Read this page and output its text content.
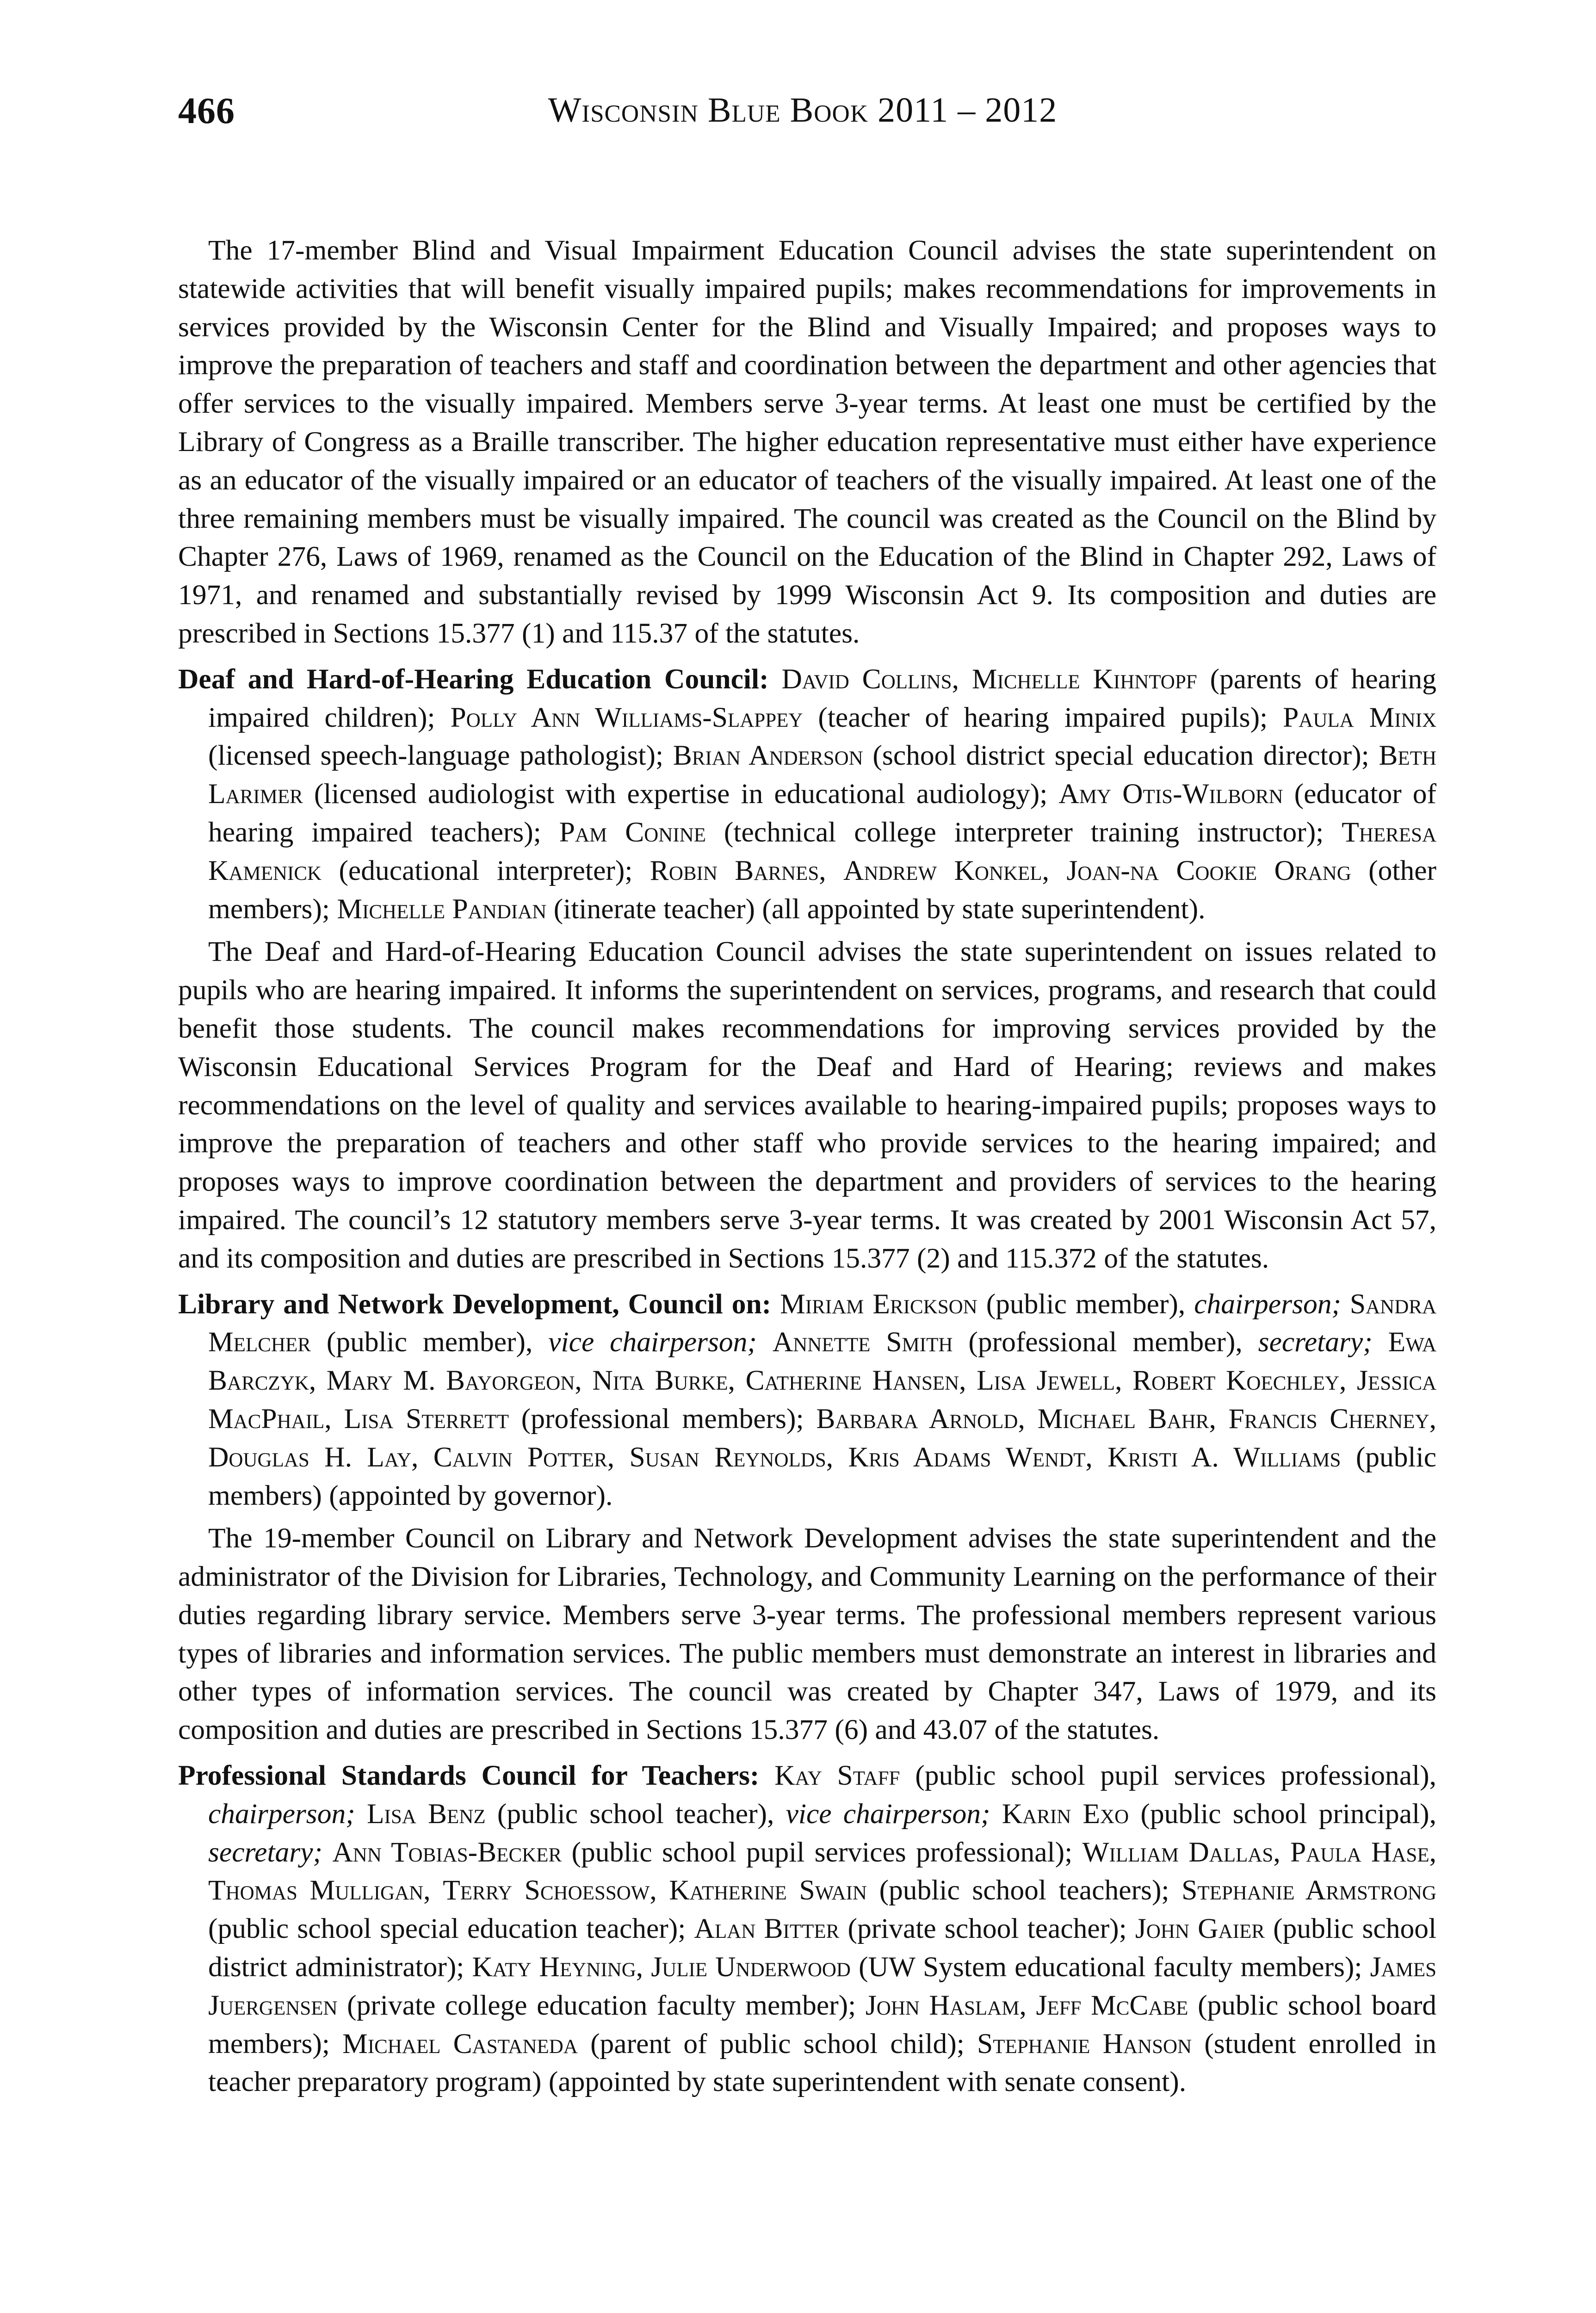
466	Wisconsin Blue Book 2011 – 2012

The 17-member Blind and Visual Impairment Education Council advises the state superintendent on statewide activities that will benefit visually impaired pupils; makes recommendations for improvements in services provided by the Wisconsin Center for the Blind and Visually Impaired; and proposes ways to improve the preparation of teachers and staff and coordination between the department and other agencies that offer services to the visually impaired. Members serve 3-year terms. At least one must be certified by the Library of Congress as a Braille transcriber. The higher education representative must either have experience as an educator of the visually impaired or an educator of teachers of the visually impaired. At least one of the three remaining members must be visually impaired. The council was created as the Council on the Blind by Chapter 276, Laws of 1969, renamed as the Council on the Education of the Blind in Chapter 292, Laws of 1971, and renamed and substantially revised by 1999 Wisconsin Act 9. Its composition and duties are prescribed in Sections 15.377 (1) and 115.37 of the statutes.

Deaf and Hard-of-Hearing Education Council: David Collins, Michelle Kihntopf (parents of hearing impaired children); Polly Ann Williams-Slappey (teacher of hearing impaired pupils); Paula Minix (licensed speech-language pathologist); Brian Anderson (school district special education director); Beth Larimer (licensed audiologist with expertise in educational audiology); Amy Otis-Wilborn (educator of hearing impaired teachers); Pam Conine (technical college interpreter training instructor); Theresa Kamenick (educational interpreter); Robin Barnes, Andrew Konkel, Joan-na Cookie Orang (other members); Michelle Pandian (itinerate teacher) (all appointed by state superintendent).

The Deaf and Hard-of-Hearing Education Council advises the state superintendent on issues related to pupils who are hearing impaired. It informs the superintendent on services, programs, and research that could benefit those students. The council makes recommendations for improving services provided by the Wisconsin Educational Services Program for the Deaf and Hard of Hearing; reviews and makes recommendations on the level of quality and services available to hearing-impaired pupils; proposes ways to improve the preparation of teachers and other staff who provide services to the hearing impaired; and proposes ways to improve coordination between the department and providers of services to the hearing impaired. The council’s 12 statutory members serve 3-year terms. It was created by 2001 Wisconsin Act 57, and its composition and duties are prescribed in Sections 15.377 (2) and 115.372 of the statutes.

Library and Network Development, Council on: Miriam Erickson (public member), chairperson; Sandra Melcher (public member), vice chairperson; Annette Smith (professional member), secretary; Ewa Barczyk, Mary M. Bayorgeon, Nita Burke, Catherine Hansen, Lisa Jewell, Robert Koechley, Jessica MacPhail, Lisa Sterrett (professional members); Barbara Arnold, Michael Bahr, Francis Cherney, Douglas H. Lay, Calvin Potter, Susan Reynolds, Kris Adams Wendt, Kristi A. Williams (public members) (appointed by governor).

The 19-member Council on Library and Network Development advises the state superintendent and the administrator of the Division for Libraries, Technology, and Community Learning on the performance of their duties regarding library service. Members serve 3-year terms. The professional members represent various types of libraries and information services. The public members must demonstrate an interest in libraries and other types of information services. The council was created by Chapter 347, Laws of 1979, and its composition and duties are prescribed in Sections 15.377 (6) and 43.07 of the statutes.

Professional Standards Council for Teachers: Kay Staff (public school pupil services professional), chairperson; Lisa Benz (public school teacher), vice chairperson; Karin Exo (public school principal), secretary; Ann Tobias-Becker (public school pupil services professional); William Dallas, Paula Hase, Thomas Mulligan, Terry Schoessow, Katherine Swain (public school teachers); Stephanie Armstrong (public school special education teacher); Alan Bitter (private school teacher); John Gaier (public school district administrator); Katy Heyning, Julie Underwood (UW System educational faculty members); James Juergensen (private college education faculty member); John Haslam, Jeff McCabe (public school board members); Michael Castaneda (parent of public school child); Stephanie Hanson (student enrolled in teacher preparatory program) (appointed by state superintendent with senate consent).
